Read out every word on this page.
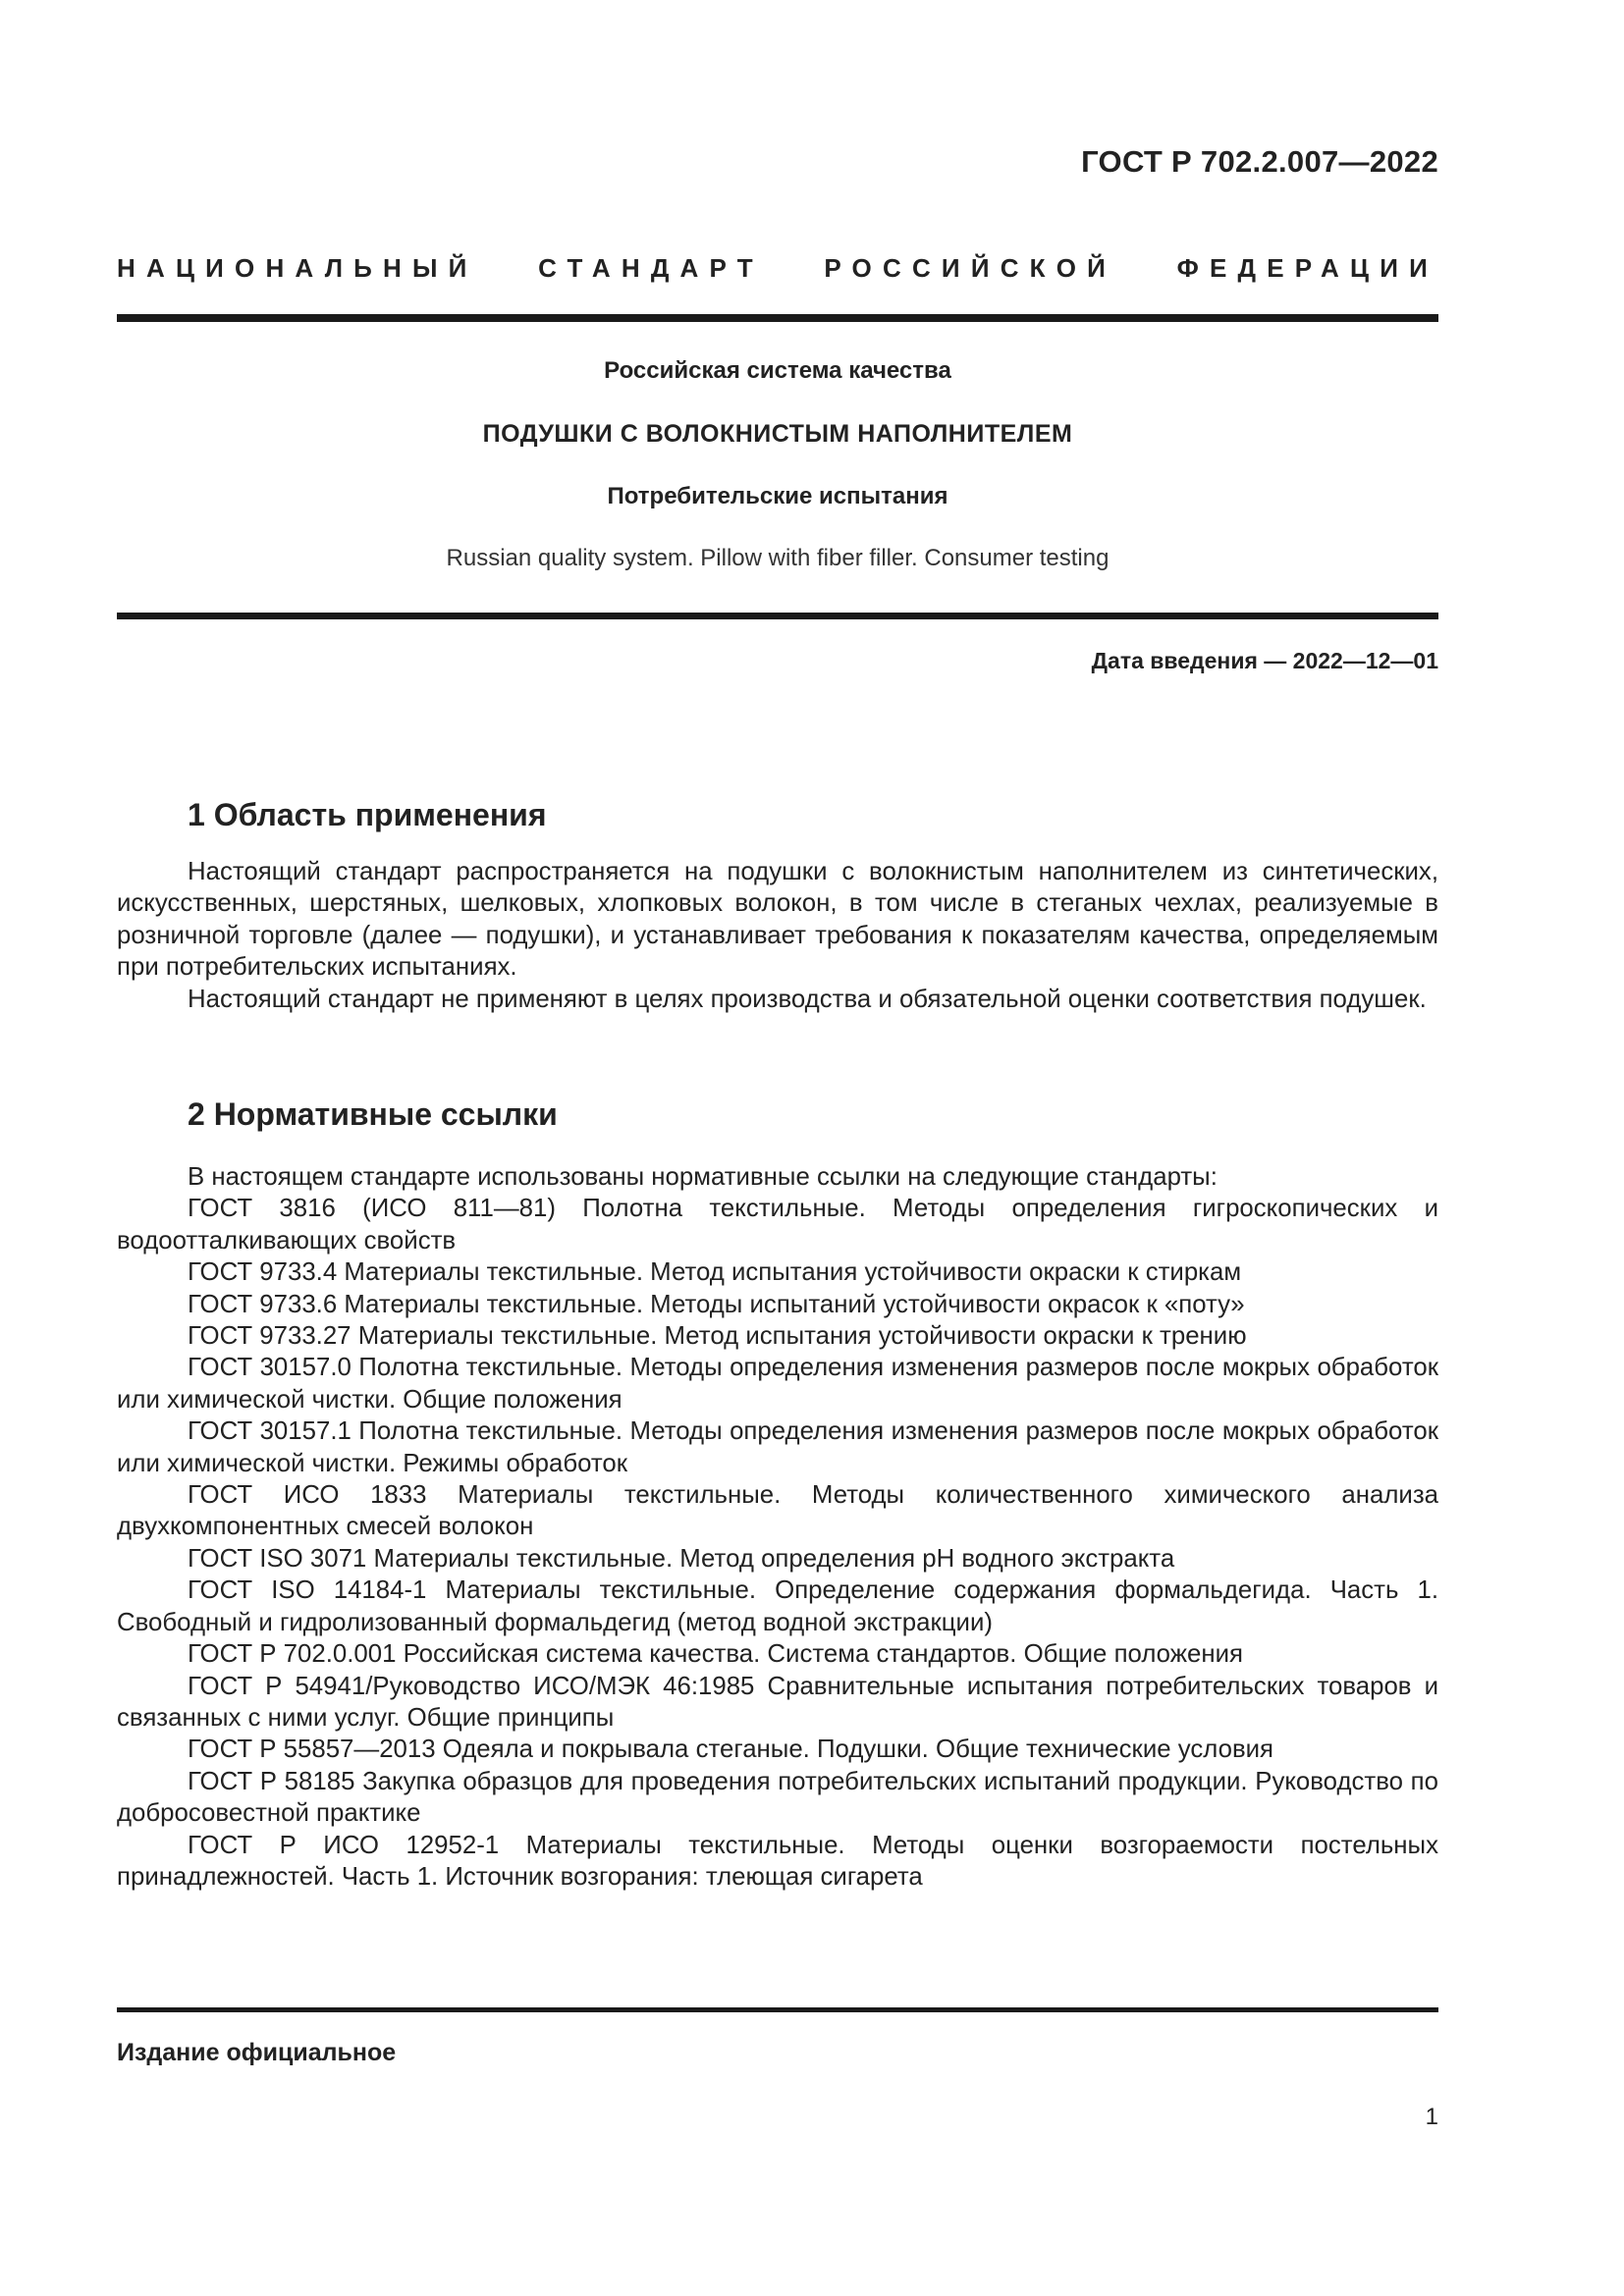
ГОСТ Р 702.2.007—2022
НАЦИОНАЛЬНЫЙ СТАНДАРТ РОССИЙСКОЙ ФЕДЕРАЦИИ
Российская система качества
ПОДУШКИ С ВОЛОКНИСТЫМ НАПОЛНИТЕЛЕМ
Потребительские испытания
Russian quality system. Pillow with fiber filler. Consumer testing
Дата введения — 2022—12—01
1 Область применения

Настоящий стандарт распространяется на подушки с волокнистым наполнителем из синтетических, искусственных, шерстяных, шелковых, хлопковых волокон, в том числе в стеганых чехлах, реализуемые в розничной торговле (далее — подушки), и устанавливает требования к показателям качества, определяемым при потребительских испытаниях.

Настоящий стандарт не применяют в целях производства и обязательной оценки соответствия подушек.

2 Нормативные ссылки

В настоящем стандарте использованы нормативные ссылки на следующие стандарты:

ГОСТ 3816 (ИСО 811—81) Полотна текстильные. Методы определения гигроскопических и водоотталкивающих свойств

ГОСТ 9733.4 Материалы текстильные. Метод испытания устойчивости окраски к стиркам

ГОСТ 9733.6 Материалы текстильные. Методы испытаний устойчивости окрасок к «поту»

ГОСТ 9733.27 Материалы текстильные. Метод испытания устойчивости окраски к трению

ГОСТ 30157.0 Полотна текстильные. Методы определения изменения размеров после мокрых обработок или химической чистки. Общие положения

ГОСТ 30157.1 Полотна текстильные. Методы определения изменения размеров после мокрых обработок или химической чистки. Режимы обработок

ГОСТ ИСО 1833 Материалы текстильные. Методы количественного химического анализа двухкомпонентных смесей волокон

ГОСТ ISO 3071 Материалы текстильные. Метод определения pH водного экстракта

ГОСТ ISO 14184-1 Материалы текстильные. Определение содержания формальдегида. Часть 1. Свободный и гидролизованный формальдегид (метод водной экстракции)

ГОСТ Р 702.0.001 Российская система качества. Система стандартов. Общие положения

ГОСТ Р 54941/Руководство ИСО/МЭК 46:1985 Сравнительные испытания потребительских товаров и связанных с ними услуг. Общие принципы

ГОСТ Р 55857—2013 Одеяла и покрывала стеганые. Подушки. Общие технические условия

ГОСТ Р 58185 Закупка образцов для проведения потребительских испытаний продукции. Руководство по добросовестной практике

ГОСТ Р ИСО 12952-1 Материалы текстильные. Методы оценки возгораемости постельных принадлежностей. Часть 1. Источник возгорания: тлеющая сигарета

Издание официальное
1
